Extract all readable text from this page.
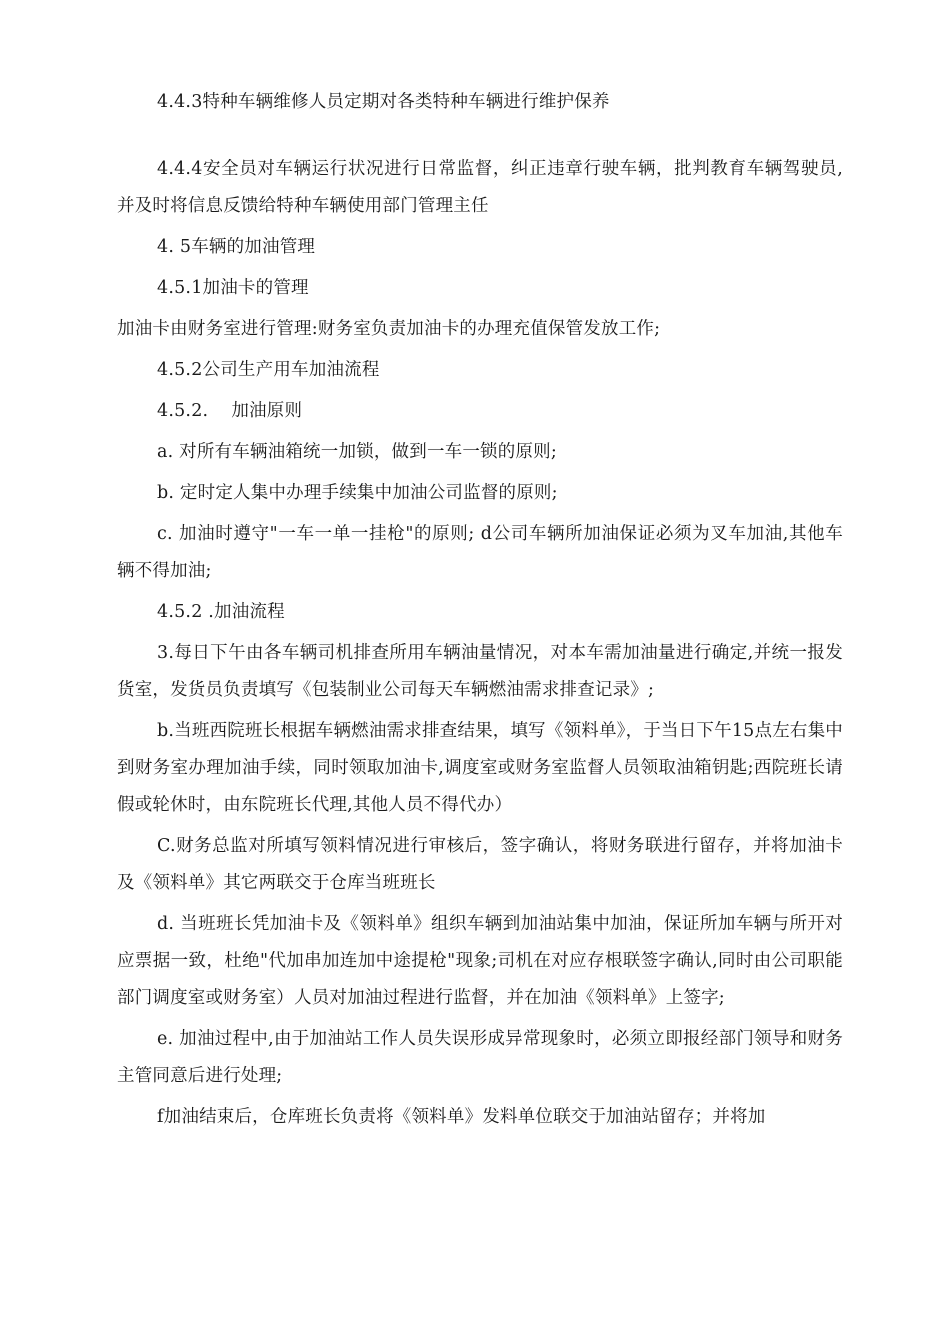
4.4.3特种车辆维修人员定期对各类特种车辆进行维护保养

4.4.4安全员对车辆运行状况进行日常监督，纠正违章行驶车辆，批判教育车辆驾驶员,并及时将信息反馈给特种车辆使用部门管理主任

4. 5车辆的加油管理

4.5.1加油卡的管理

加油卡由财务室进行管理:财务室负责加油卡的办理充值保管发放工作;

4.5.2公司生产用车加油流程

4.5.2.    加油原则

a. 对所有车辆油箱统一加锁，做到一车一锁的原则;

b. 定时定人集中办理手续集中加油公司监督的原则;

c. 加油时遵守"一车一单一挂枪"的原则; d公司车辆所加油保证必须为叉车加油,其他车辆不得加油;

4.5.2 .加油流程

3.每日下午由各车辆司机排查所用车辆油量情况，对本车需加油量进行确定,并统一报发货室，发货员负责填写《包装制业公司每天车辆燃油需求排查记录》;

b.当班西院班长根据车辆燃油需求排查结果，填写《领料单》，于当日下午15点左右集中到财务室办理加油手续，同时领取加油卡,调度室或财务室监督人员领取油箱钥匙;西院班长请假或轮休时，由东院班长代理,其他人员不得代办）

C.财务总监对所填写领料情况进行审核后，签字确认，将财务联进行留存，并将加油卡及《领料单》其它两联交于仓库当班班长

d. 当班班长凭加油卡及《领料单》组织车辆到加油站集中加油，保证所加车辆与所开对应票据一致，杜绝"代加串加连加中途提枪"现象;司机在对应存根联签字确认,同时由公司职能部门调度室或财务室）人员对加油过程进行监督，并在加油《领料单》上签字;

e. 加油过程中,由于加油站工作人员失误形成异常现象时，必须立即报经部门领导和财务主管同意后进行处理;

f加油结束后，仓库班长负责将《领料单》发料单位联交于加油站留存；并将加
